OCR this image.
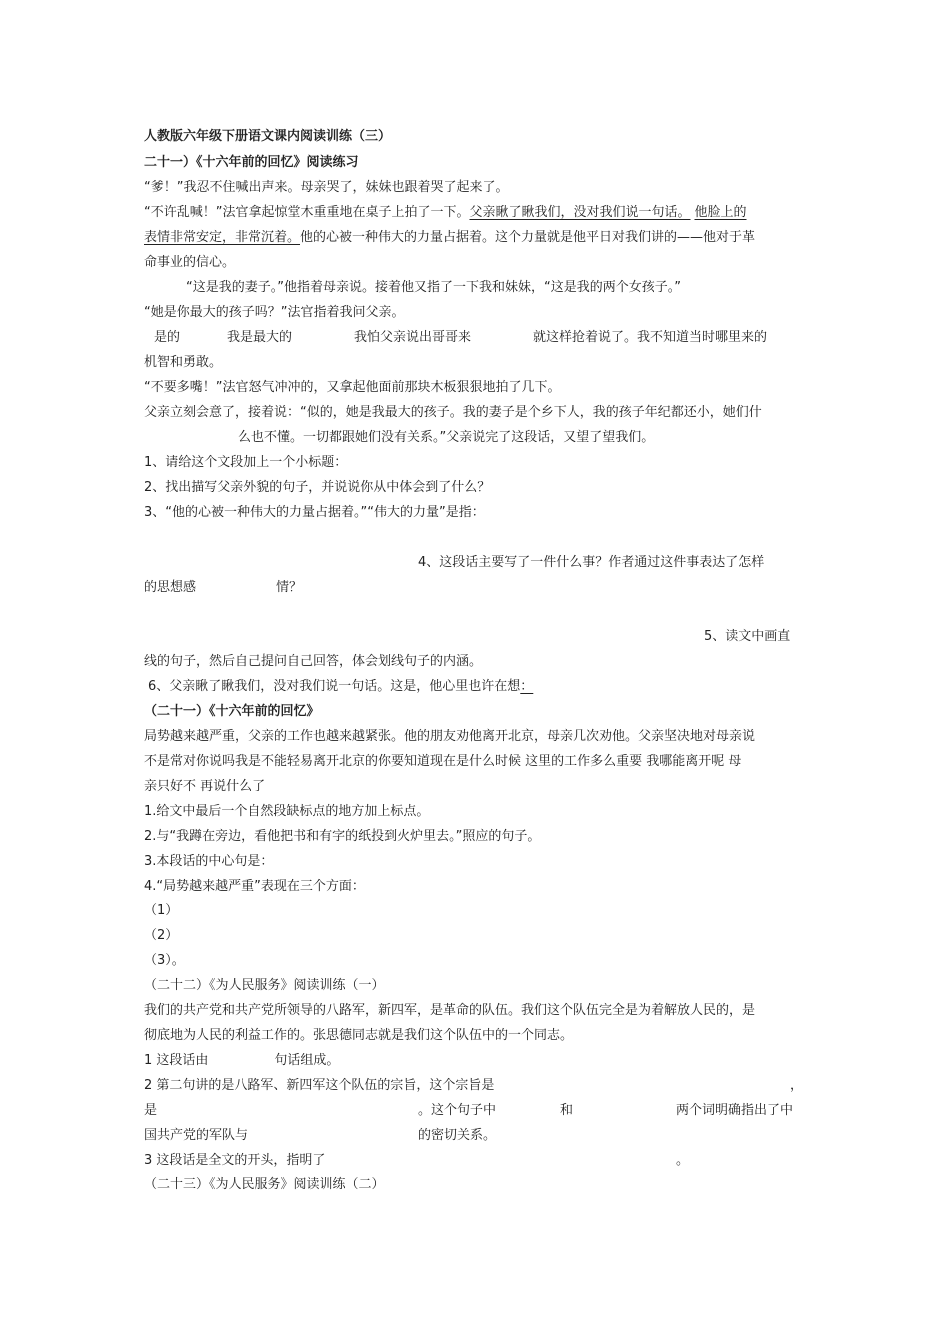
人教版六年级下册语文课内阅读训练（三）
二十一）《十六年前的回忆》阅读练习
“爹！”我忍不住喊出声来。母亲哭了，妹妹也跟着哭了起来了。
“不许乱喊！”法官拿起惊堂木重重地在桌子上拍了一下。父亲瞅了瞅我们，没对我们说一句话。 他脸上的
表情非常安定，非常沉着。他的心被一种伟大的力量占据着。这个力量就是他平日对我们讲的——他对于革
命事业的信心。
“这是我的妻子。”他指着母亲说。接着他又指了一下我和妹妹，“这是我的两个女孩子。”
“她是你最大的孩子吗？”法官指着我问父亲。
是的	我是最大的	我怕父亲说出哥哥来	就这样抢着说了。我不知道当时哪里来的
机智和勇敢。
“不要多嘴！”法官怒气冲冲的，又拿起他面前那块木板狠狠地拍了几下。
父亲立刻会意了，接着说：“似的，她是我最大的孩子。我的妻子是个乡下人，我的孩子年纪都还小，她们什
么也不懂。一切都跟她们没有关系。”父亲说完了这段话，又望了望我们。
1、请给这个文段加上一个小标题：
2、找出描写父亲外貌的句子，并说说你从中体会到了什么？
3、“他的心被一种伟大的力量占据着。”“伟大的力量”是指：
4、这段话主要写了一件什么事？作者通过这件事表达了怎样
的思想感	情？
5、读文中画直
线的句子，然后自己提问自己回答，体会划线句子的内涵。
6、父亲瞅了瞅我们，没对我们说一句话。这是，他心里也许在想：
（二十一）《十六年前的回忆》
局势越来越严重，父亲的工作也越来越紧张。他的朋友劝他离开北京，母亲几次劝他。父亲坚决地对母亲说
不是常对你说吗我是不能轻易离开北京的你要知道现在是什么时候 这里的工作多么重要 我哪能离开呢 母
亲只好不 再说什么了
1.给文中最后一个自然段缺标点的地方加上标点。
2.与“我蹲在旁边，看他把书和有字的纸投到火炉里去。”照应的句子。
3.本段话的中心句是：
4.“局势越来越严重”表现在三个方面：
（1）
（2）
（3）。
（二十二）《为人民服务》阅读训练（一）
我们的共产党和共产党所领导的八路军，新四军，是革命的队伍。我们这个队伍完全是为着解放人民的，是
彻底地为人民的利益工作的。张思德同志就是我们这个队伍中的一个同志。
1 这段话由	句话组成。
2 第二句讲的是八路军、新四军这个队伍的宗旨，这个宗旨是	，
是	。这个句子中	和	两个词明确指出了中
国共产党的军队与	的密切关系。
3 这段话是全文的开头，指明了	。
（二十三）《为人民服务》阅读训练（二）
